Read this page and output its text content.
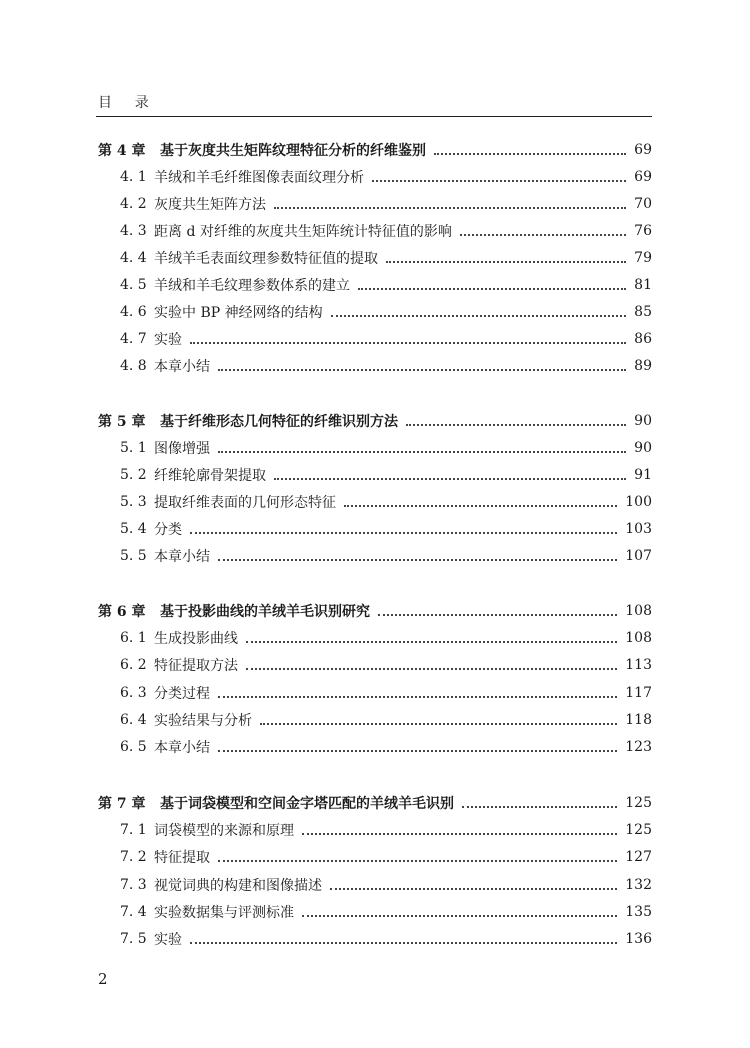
目    录
第 4 章	基于灰度共生矩阵纹理特征分析的纤维鉴别	69
4. 1 羊绒和羊毛纤维图像表面纹理分析	69
4. 2 灰度共生矩阵方法	70
4. 3 距离 d 对纤维的灰度共生矩阵统计特征值的影响	76
4. 4 羊绒羊毛表面纹理参数特征值的提取	79
4. 5 羊绒和羊毛纹理参数体系的建立	81
4. 6 实验中 BP 神经网络的结构	85
4. 7 实验	86
4. 8 本章小结	89
第 5 章	基于纤维形态几何特征的纤维识别方法	90
5. 1 图像增强	90
5. 2 纤维轮廓骨架提取	91
5. 3 提取纤维表面的几何形态特征	100
5. 4 分类	103
5. 5 本章小结	107
第 6 章	基于投影曲线的羊绒羊毛识别研究	108
6. 1 生成投影曲线	108
6. 2 特征提取方法	113
6. 3 分类过程	117
6. 4 实验结果与分析	118
6. 5 本章小结	123
第 7 章	基于词袋模型和空间金字塔匹配的羊绒羊毛识别	125
7. 1 词袋模型的来源和原理	125
7. 2 特征提取	127
7. 3 视觉词典的构建和图像描述	132
7. 4 实验数据集与评测标准	135
7. 5 实验	136
2
